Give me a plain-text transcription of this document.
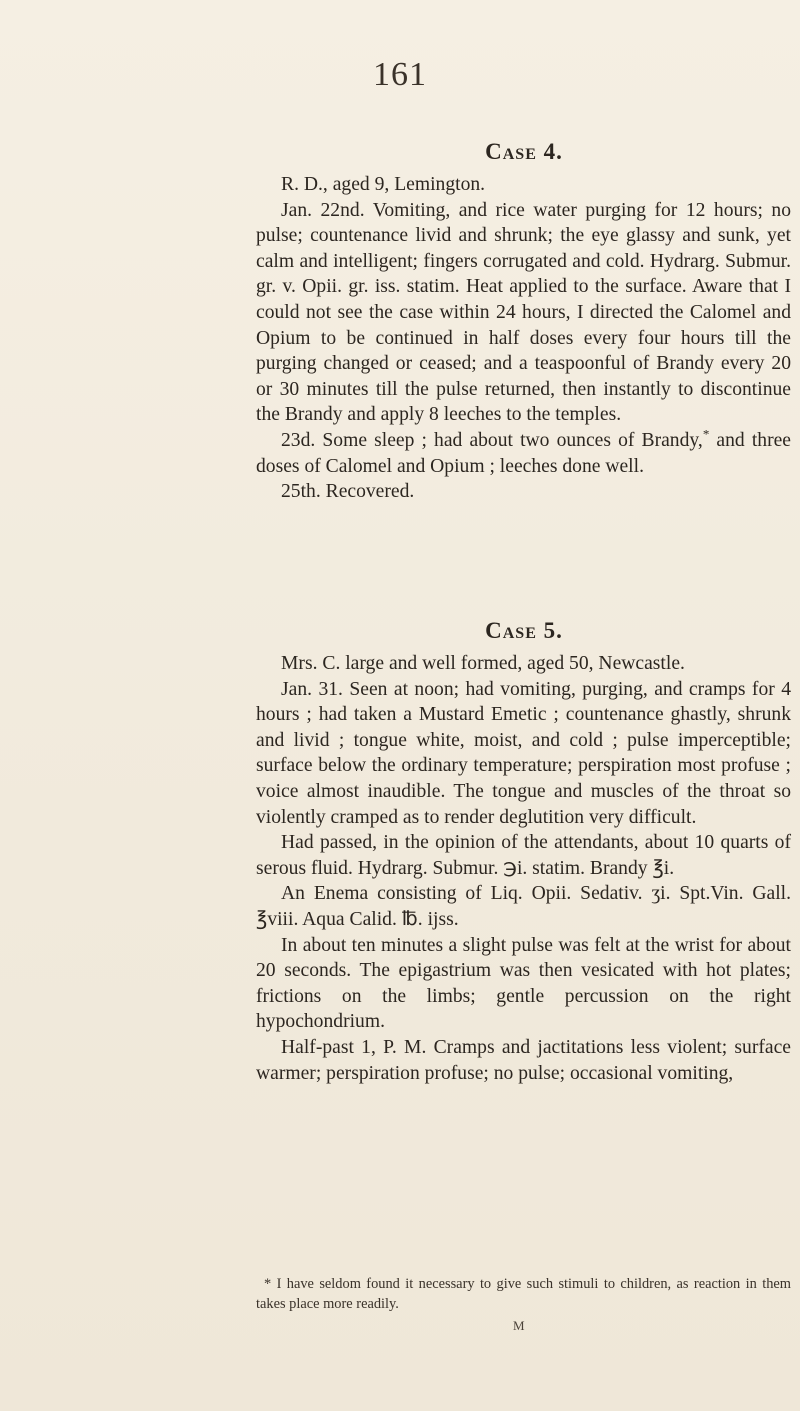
161
Case 4.

R. D., aged 9, Lemington.

Jan. 22nd. Vomiting, and rice water purging for 12 hours; no pulse; countenance livid and shrunk; the eye glassy and sunk, yet calm and intelligent; fingers corrugated and cold. Hydrarg. Submur. gr. v. Opii. gr. iss. statim. Heat applied to the surface. Aware that I could not see the case within 24 hours, I directed the Calomel and Opium to be continued in half doses every four hours till the purging changed or ceased; and a teaspoonful of Brandy every 20 or 30 minutes till the pulse returned, then instantly to discontinue the Brandy and apply 8 leeches to the temples.

23d. Some sleep ; had about two ounces of Brandy,* and three doses of Calomel and Opium ; leeches done well.

25th. Recovered.

Case 5.

Mrs. C. large and well formed, aged 50, Newcastle.

Jan. 31. Seen at noon; had vomiting, purging, and cramps for 4 hours ; had taken a Mustard Emetic ; countenance ghastly, shrunk and livid ; tongue white, moist, and cold ; pulse imperceptible; surface below the ordinary temperature; perspiration most profuse ; voice almost inaudible. The tongue and muscles of the throat so violently cramped as to render deglutition very difficult.

Had passed, in the opinion of the attendants, about 10 quarts of serous fluid. Hydrarg. Submur. ℈i. statim. Brandy ℥i.

An Enema consisting of Liq. Opii. Sedativ. ʒi. Spt.Vin. Gall. ℥viii. Aqua Calid. ℔. ijss.

In about ten minutes a slight pulse was felt at the wrist for about 20 seconds. The epigastrium was then vesicated with hot plates; frictions on the limbs; gentle percussion on the right hypochondrium.

Half-past 1, P. M. Cramps and jactitations less violent; surface warmer; perspiration profuse; no pulse; occasional vomiting,

* I have seldom found it necessary to give such stimuli to children, as reaction in them takes place more readily.

M
